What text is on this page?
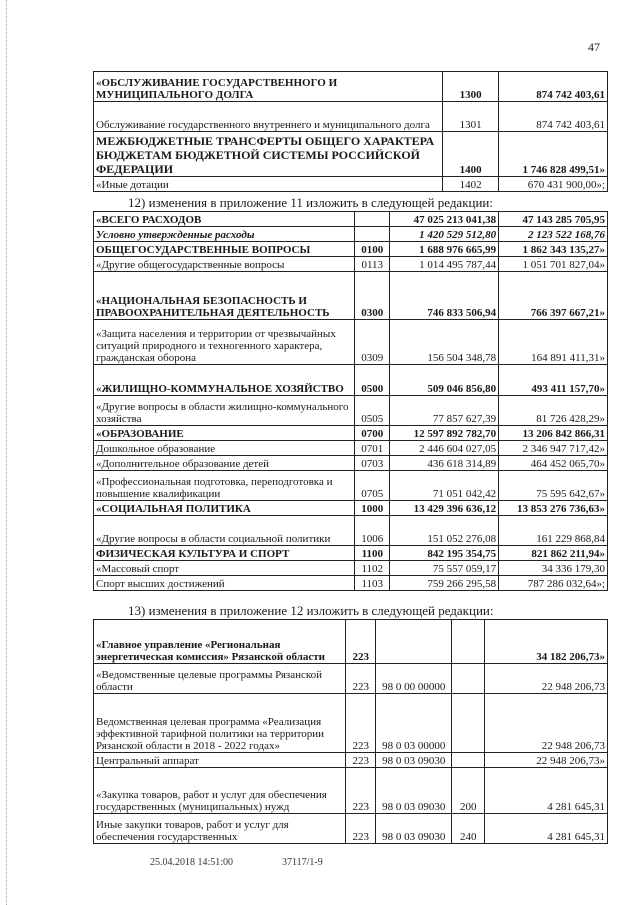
47
«ОБСЛУЖИВАНИЕ ГОСУДАРСТВЕННОГО И МУНИЦИПАЛЬНОГО ДОЛГА	1300	874 742 403,61
Обслуживание государственного внутреннего и муниципального долга	1301	874 742 403,61
МЕЖБЮДЖЕТНЫЕ ТРАНСФЕРТЫ ОБЩЕГО ХАРАКТЕРА БЮДЖЕТАМ БЮДЖЕТНОЙ СИСТЕМЫ РОССИЙСКОЙ ФЕДЕРАЦИИ	1400	1 746 828 499,51»
«Иные дотации	1402	670 431 900,00»;
12) изменения в приложение 11 изложить в следующей редакции:
«ВСЕГО РАСХОДОВ		47 025 213 041,38	47 143 285 705,95
Условно утвержденные расходы		1 420 529 512,80	2 123 522 168,76
ОБЩЕГОСУДАРСТВЕННЫЕ ВОПРОСЫ	0100	1 688 976 665,99	1 862 343 135,27»
«Другие общегосударственные вопросы	0113	1 014 495 787,44	1 051 701 827,04»
«НАЦИОНАЛЬНАЯ БЕЗОПАСНОСТЬ И ПРАВООХРАНИТЕЛЬНАЯ ДЕЯТЕЛЬНОСТЬ	0300	746 833 506,94	766 397 667,21»
«Защита населения и территории от чрезвычайных ситуаций природного и техногенного характера, гражданская оборона	0309	156 504 348,78	164 891 411,31»
«ЖИЛИЩНО-КОММУНАЛЬНОЕ ХОЗЯЙСТВО	0500	509 046 856,80	493 411 157,70»
«Другие вопросы в области жилищно-коммунального хозяйства	0505	77 857 627,39	81 726 428,29»
«ОБРАЗОВАНИЕ	0700	12 597 892 782,70	13 206 842 866,31
Дошкольное образование	0701	2 446 604 027,05	2 346 947 717,42»
«Дополнительное образование детей	0703	436 618 314,89	464 452 065,70»
«Профессиональная подготовка, переподготовка и повышение квалификации	0705	71 051 042,42	75 595 642,67»
«СОЦИАЛЬНАЯ ПОЛИТИКА	1000	13 429 396 636,12	13 853 276 736,63»
«Другие вопросы в области социальной политики	1006	151 052 276,08	161 229 868,84
ФИЗИЧЕСКАЯ КУЛЬТУРА И СПОРТ	1100	842 195 354,75	821 862 211,94»
«Массовый спорт	1102	75 557 059,17	34 336 179,30
Спорт высших достижений	1103	759 266 295,58	787 286 032,64»;
13) изменения в приложение 12 изложить в следующей редакции:
«Главное управление «Региональная энергетическая комиссия» Рязанской области	223			34 182 206,73»
«Ведомственные целевые программы Рязанской области	223	98 0 00 00000		22 948 206,73
Ведомственная целевая программа «Реализация эффективной тарифной политики на территории Рязанской области в 2018 - 2022 годах»	223	98 0 03 00000		22 948 206,73
Центральный аппарат	223	98 0 03 09030		22 948 206,73»
«Закупка товаров, работ и услуг для обеспечения государственных (муниципальных) нужд	223	98 0 03 09030	200	4 281 645,31
Иные закупки товаров, работ и услуг для обеспечения государственных	223	98 0 03 09030	240	4 281 645,31
25.04.2018 14:51:00	37117/1-9
